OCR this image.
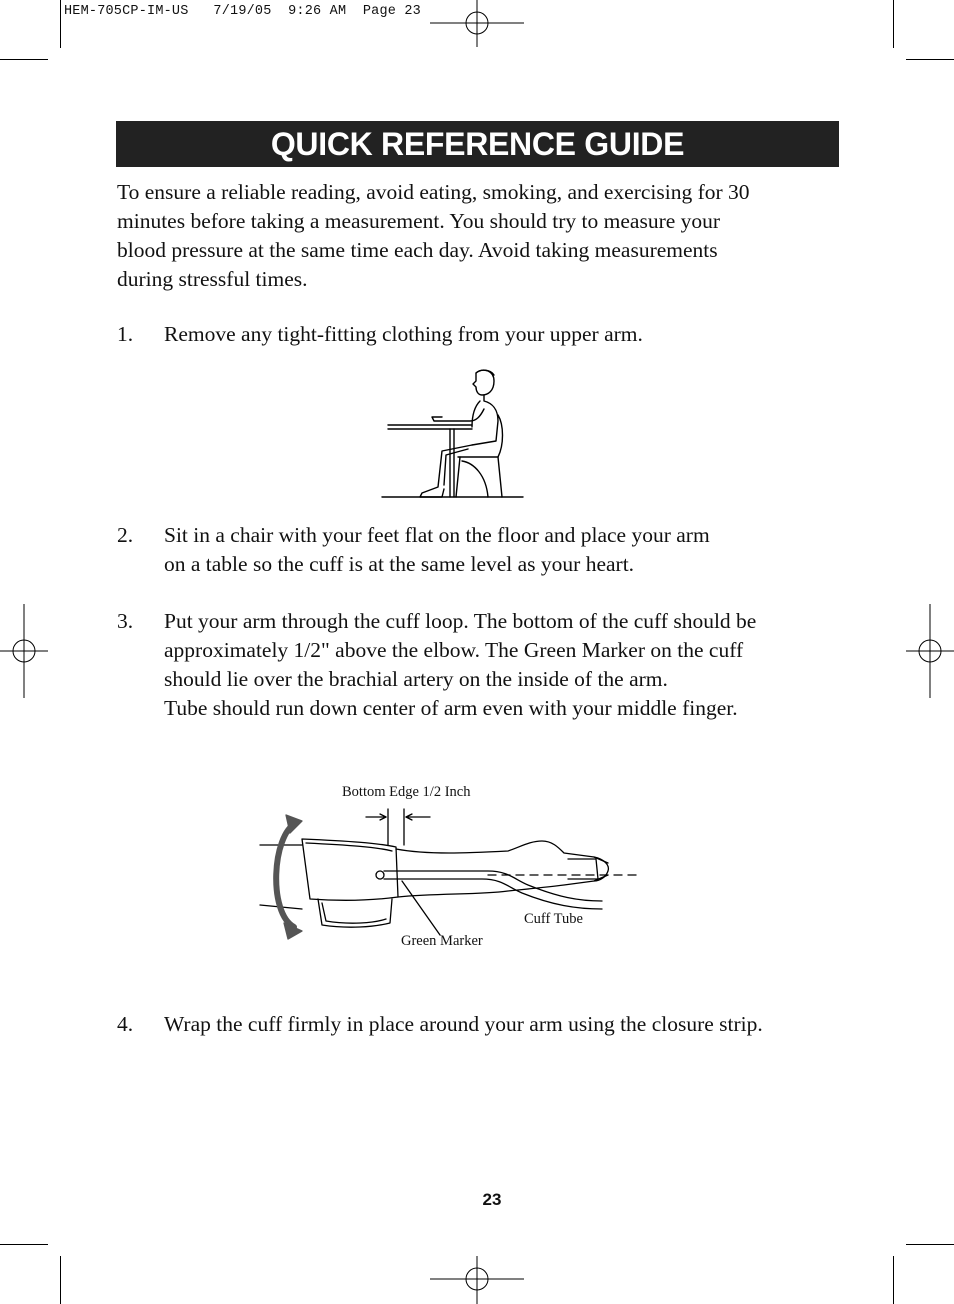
HEM-705CP-IM-US   7/19/05  9:26 AM  Page 23
QUICK REFERENCE GUIDE
To ensure a reliable reading, avoid eating, smoking, and exercising for 30
minutes before taking a measurement. You should try to measure your
blood pressure at the same time each day. Avoid taking measurements
during stressful times.
1. Remove any tight-fitting clothing from your upper arm.
2. Sit in a chair with your feet flat on the floor and place your arm
on a table so the cuff is at the same level as your heart.
3. Put your arm through the cuff loop. The bottom of the cuff should be
approximately 1/2" above the elbow. The Green Marker on the cuff
should lie over the brachial artery on the inside of the arm.
Tube should run down center of arm even with your middle finger.
Bottom Edge 1/2 Inch
Cuff Tube
Green Marker
4. Wrap the cuff firmly in place around your arm using the closure strip.
23
